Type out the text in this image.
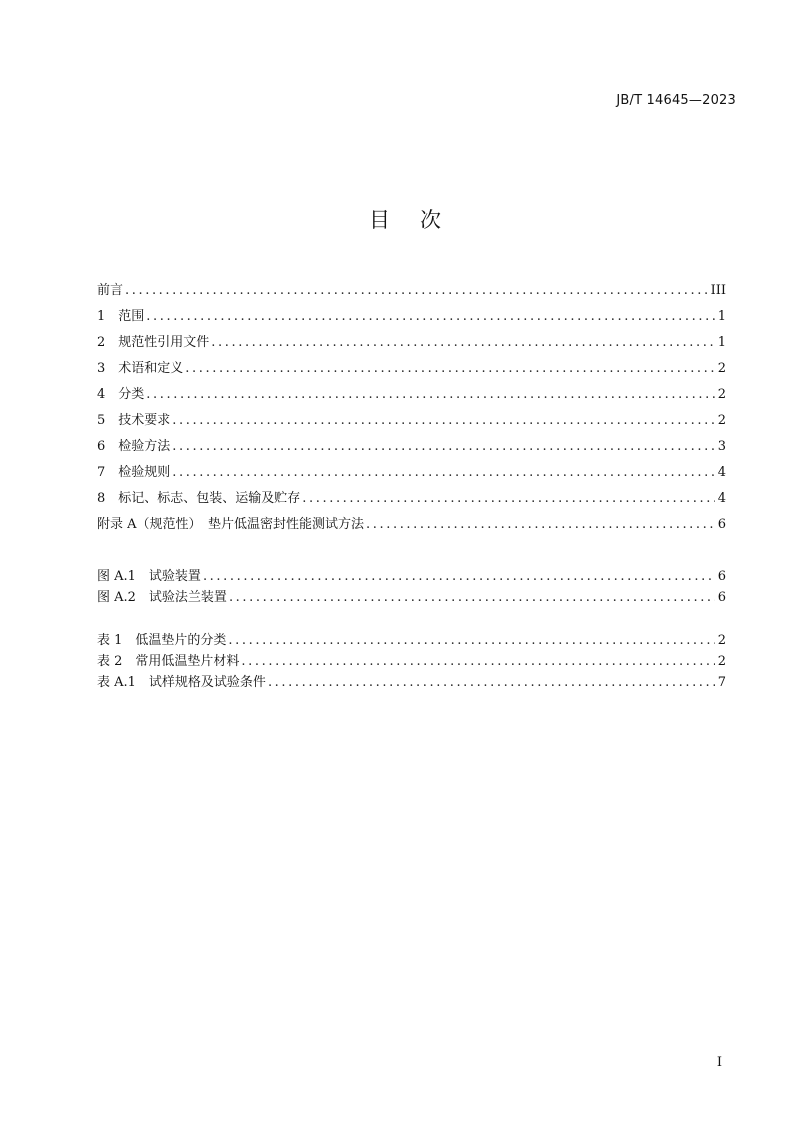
JB/T 14645—2023
目 次
前言 .....	III
1　范围 .....	1
2　规范性引用文件 .....	1
3　术语和定义 .....	2
4　分类 .....	2
5　技术要求 .....	2
6　检验方法 .....	3
7　检验规则 .....	4
8　标记、标志、包装、运输及贮存 .....	4
附录 A（规范性）　垫片低温密封性能测试方法 .....	6
图 A.1　试验装置 .....	6
图 A.2　试验法兰装置 .....	6
表 1　低温垫片的分类 .....	2
表 2　常用低温垫片材料 .....	2
表 A.1　试样规格及试验条件 .....	7
I
